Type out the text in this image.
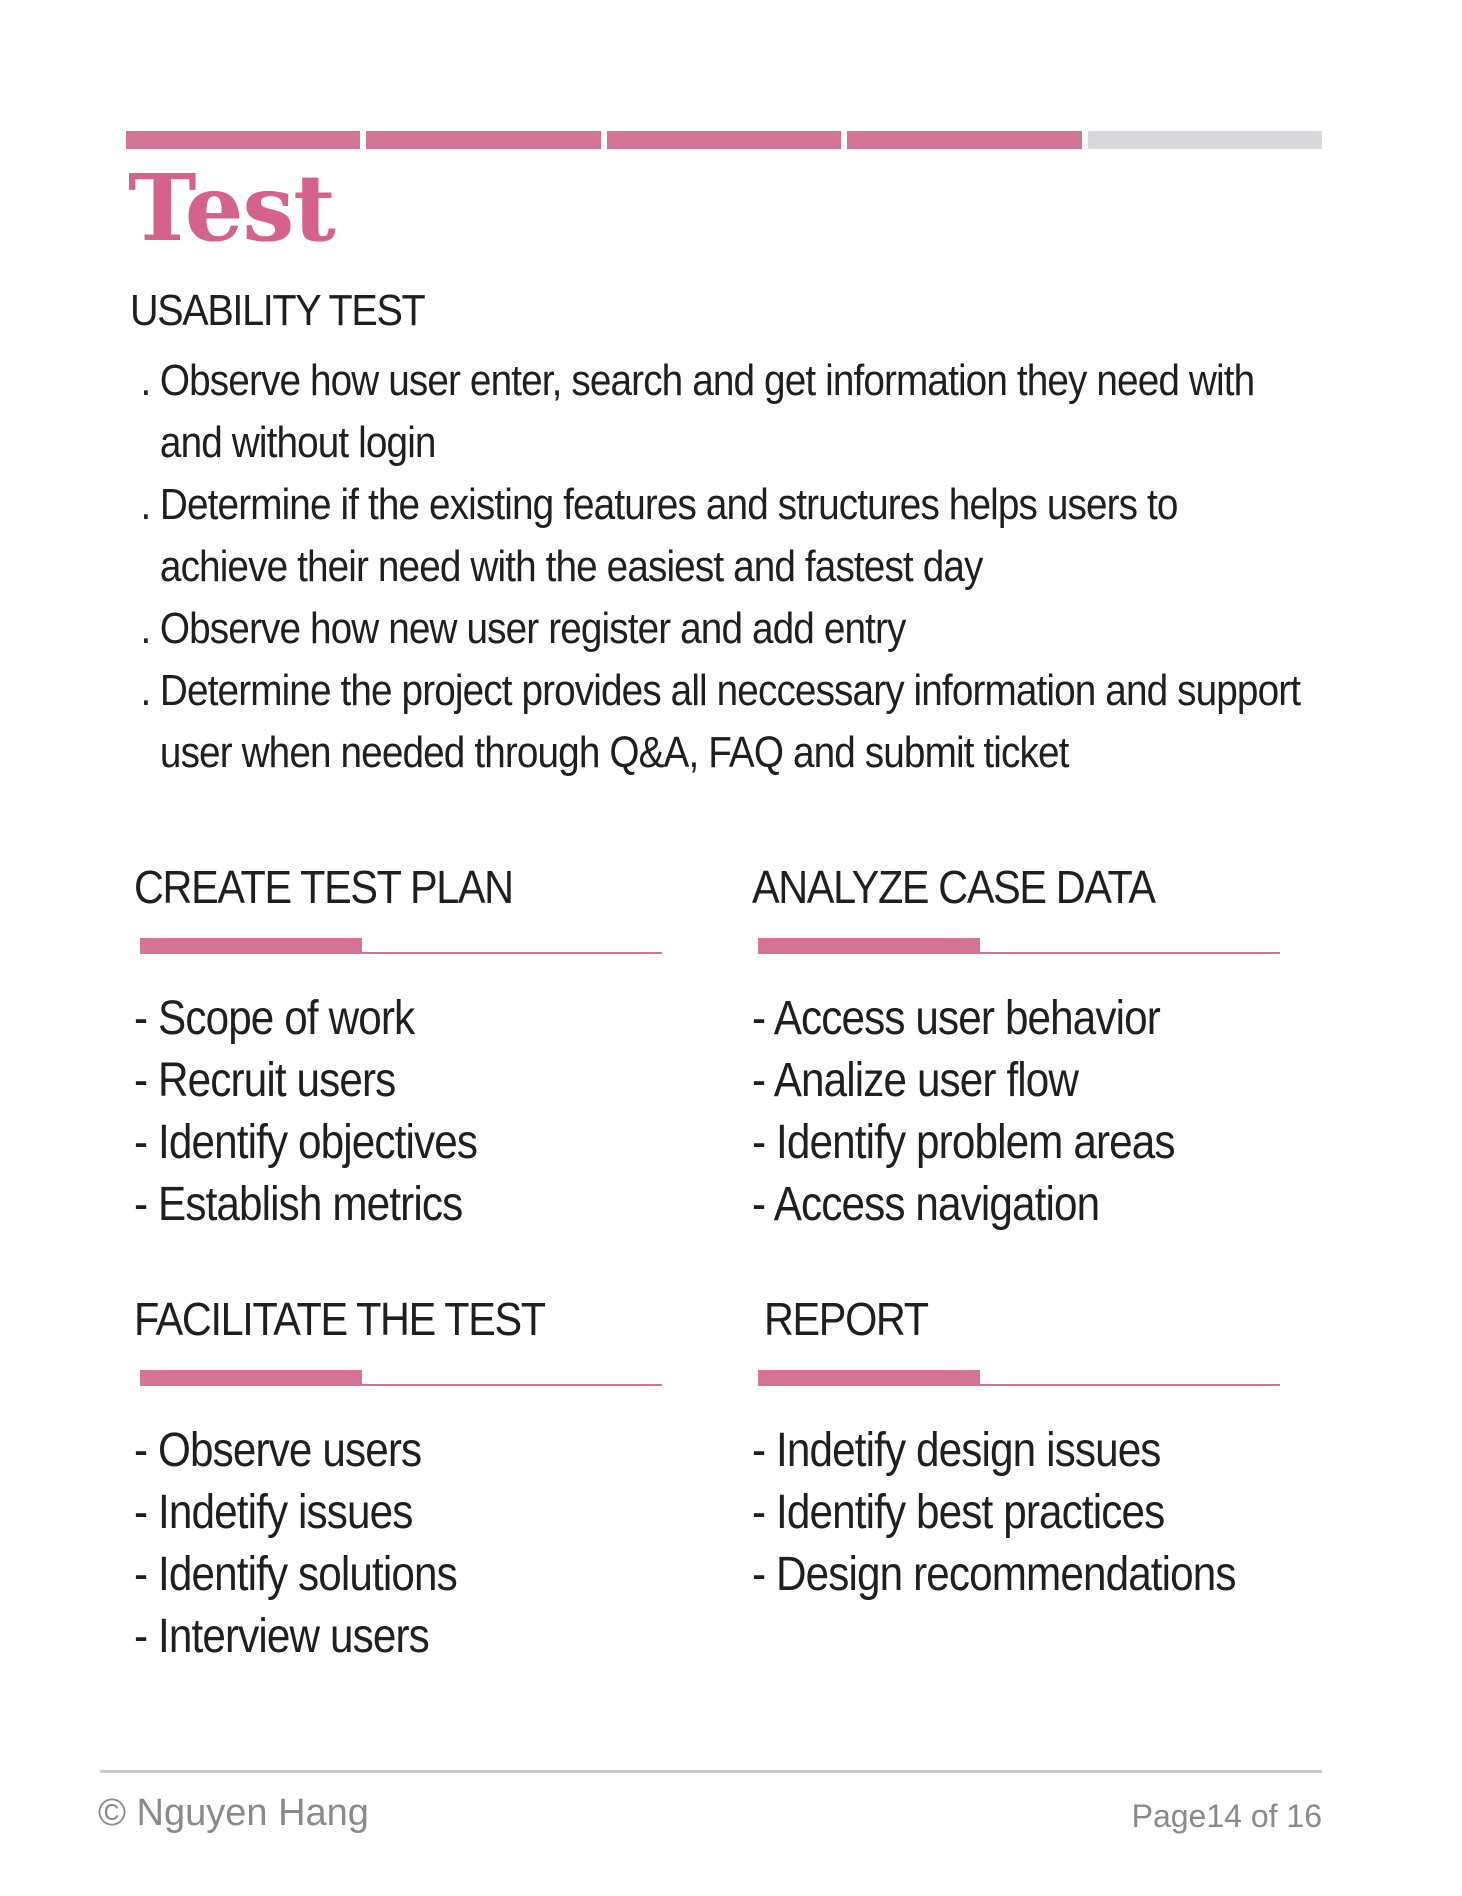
Test
USABILITY TEST
. Observe how user enter, search and get information they need with and without login
. Determine if the existing features and structures helps users to achieve their need with the easiest and fastest day
. Observe how new user register and add entry
. Determine the project provides all neccessary information and support user when needed through Q&A, FAQ and submit ticket
CREATE TEST PLAN
- Scope of work
- Recruit users
- Identify objectives
- Establish metrics
ANALYZE CASE DATA
- Access user behavior
- Analize user flow
- Identify problem areas
- Access navigation
FACILITATE THE TEST
- Observe users
- Indetify issues
- Identify solutions
- Interview users
REPORT
- Indetify design issues
- Identify best practices
- Design recommendations
© Nguyen Hang	Page14 of 16
